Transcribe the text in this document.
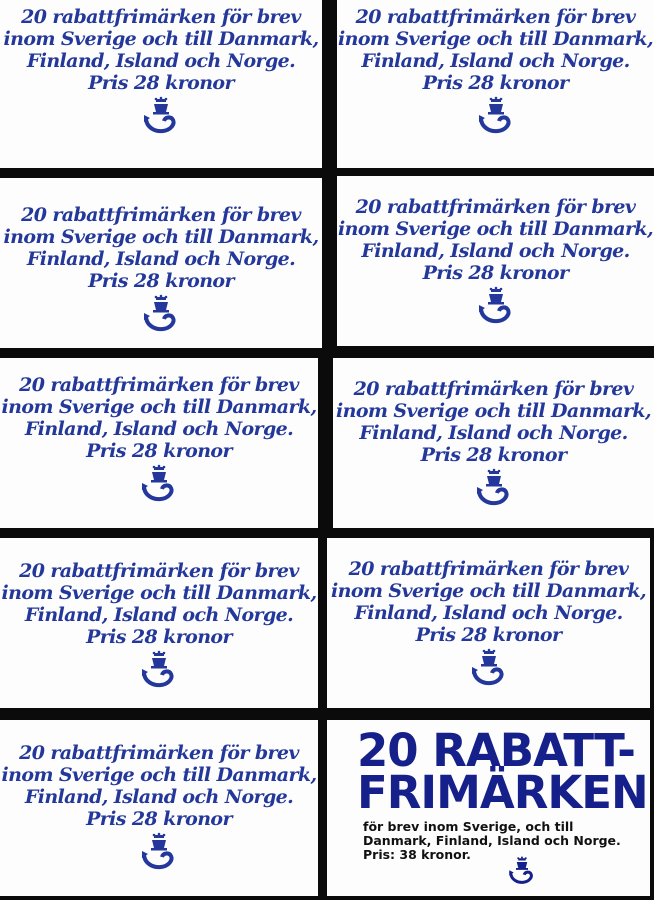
20 rabattfrimärken för brev
inom Sverige och till Danmark,
Finland, Island och Norge.
Pris 28 kronor
20 rabattfrimärken för brev
inom Sverige och till Danmark,
Finland, Island och Norge.
Pris 28 kronor
20 rabattfrimärken för brev
inom Sverige och till Danmark,
Finland, Island och Norge.
Pris 28 kronor
20 rabattfrimärken för brev
inom Sverige och till Danmark,
Finland, Island och Norge.
Pris 28 kronor
20 rabattfrimärken för brev
inom Sverige och till Danmark,
Finland, Island och Norge.
Pris 28 kronor
20 rabattfrimärken för brev
inom Sverige och till Danmark,
Finland, Island och Norge.
Pris 28 kronor
20 rabattfrimärken för brev
inom Sverige och till Danmark,
Finland, Island och Norge.
Pris 28 kronor
20 rabattfrimärken för brev
inom Sverige och till Danmark,
Finland, Island och Norge.
Pris 28 kronor
20 rabattfrimärken för brev
inom Sverige och till Danmark,
Finland, Island och Norge.
Pris 28 kronor
20 RABATT-
FRIMÄRKEN
för brev inom Sverige, och till
Danmark, Finland, Island och Norge.
Pris: 38 kronor.
